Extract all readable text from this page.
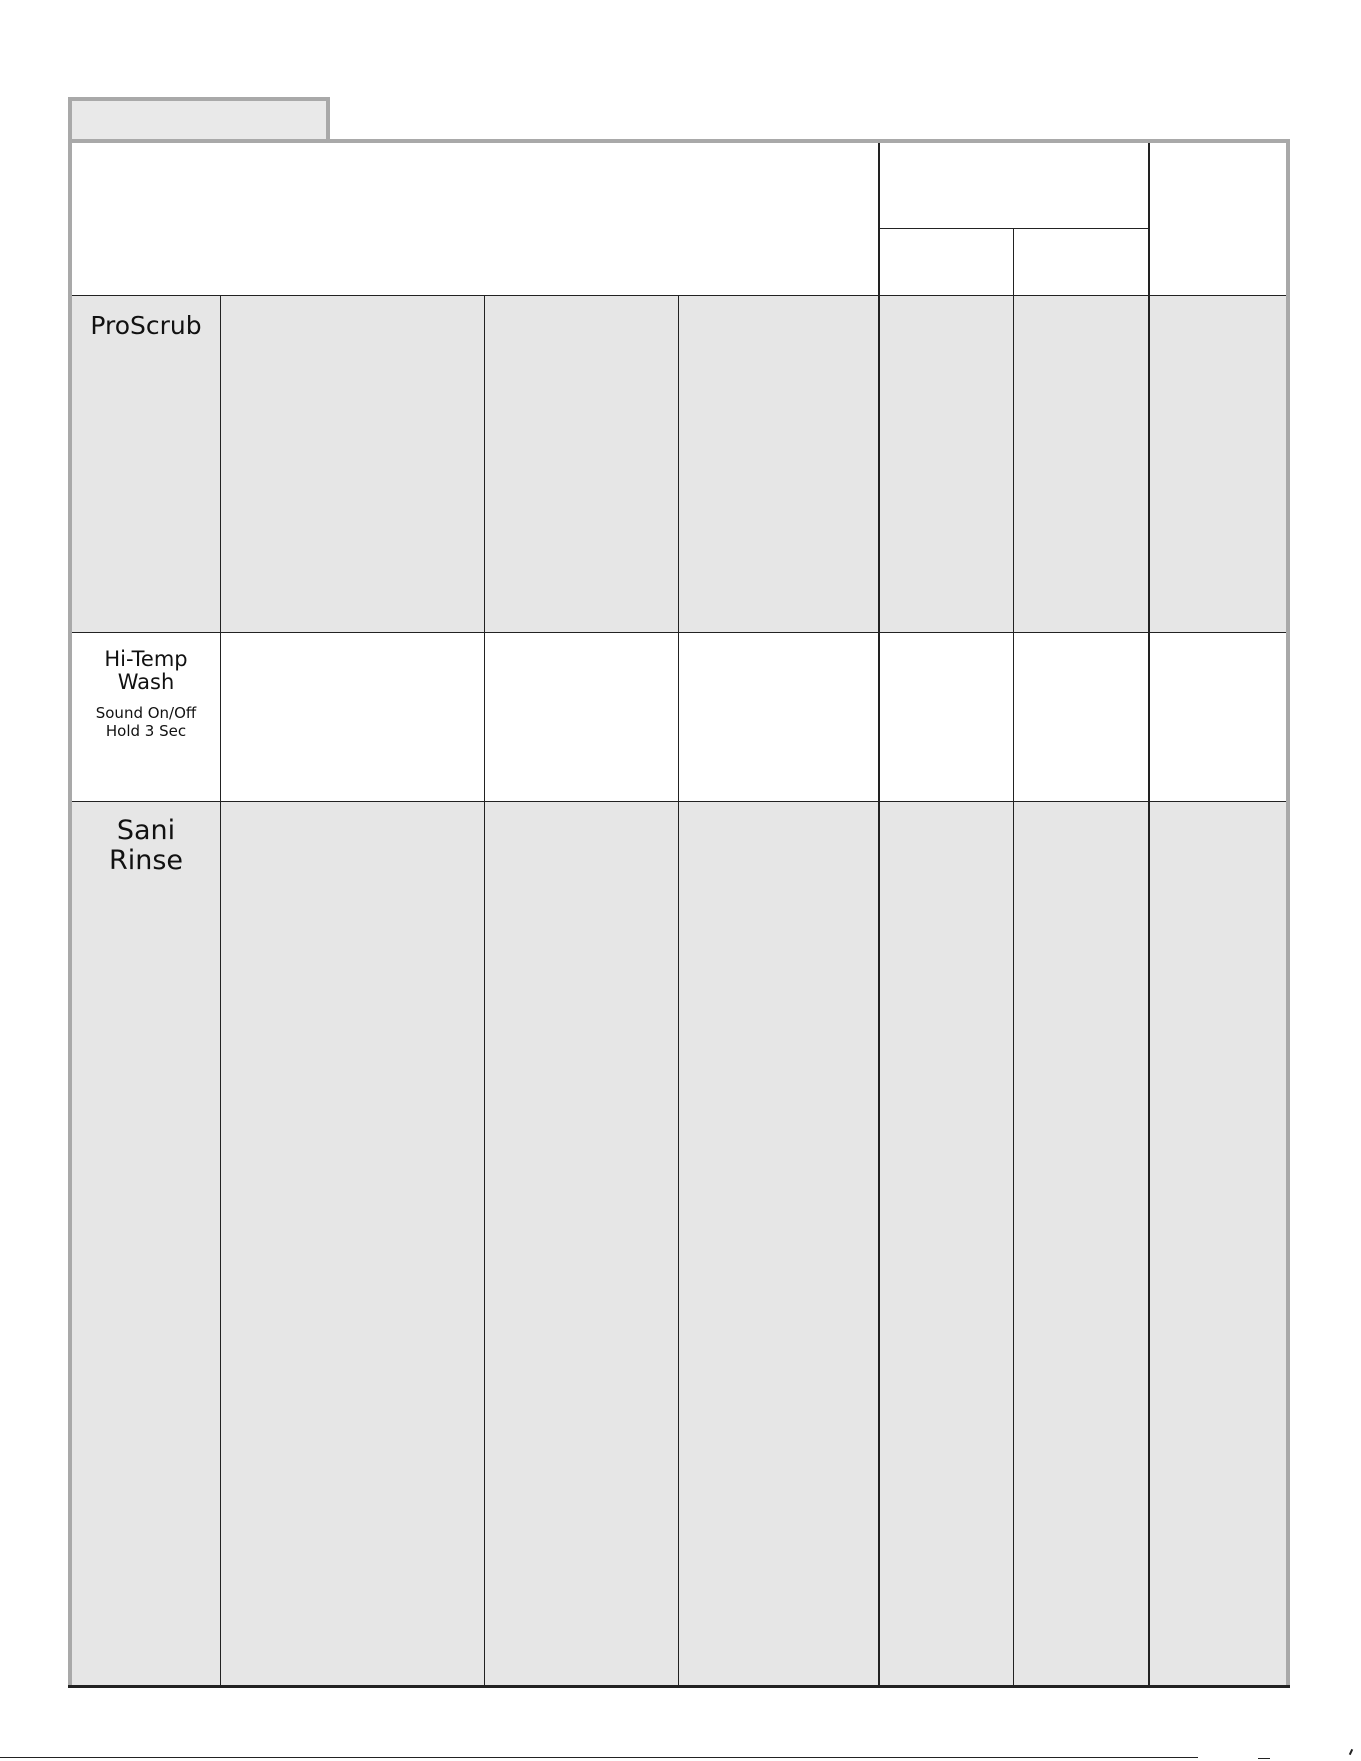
ProScrub
Hi-Temp
Wash
Sound On/Off
Hold 3 Sec
Sani
Rinse
